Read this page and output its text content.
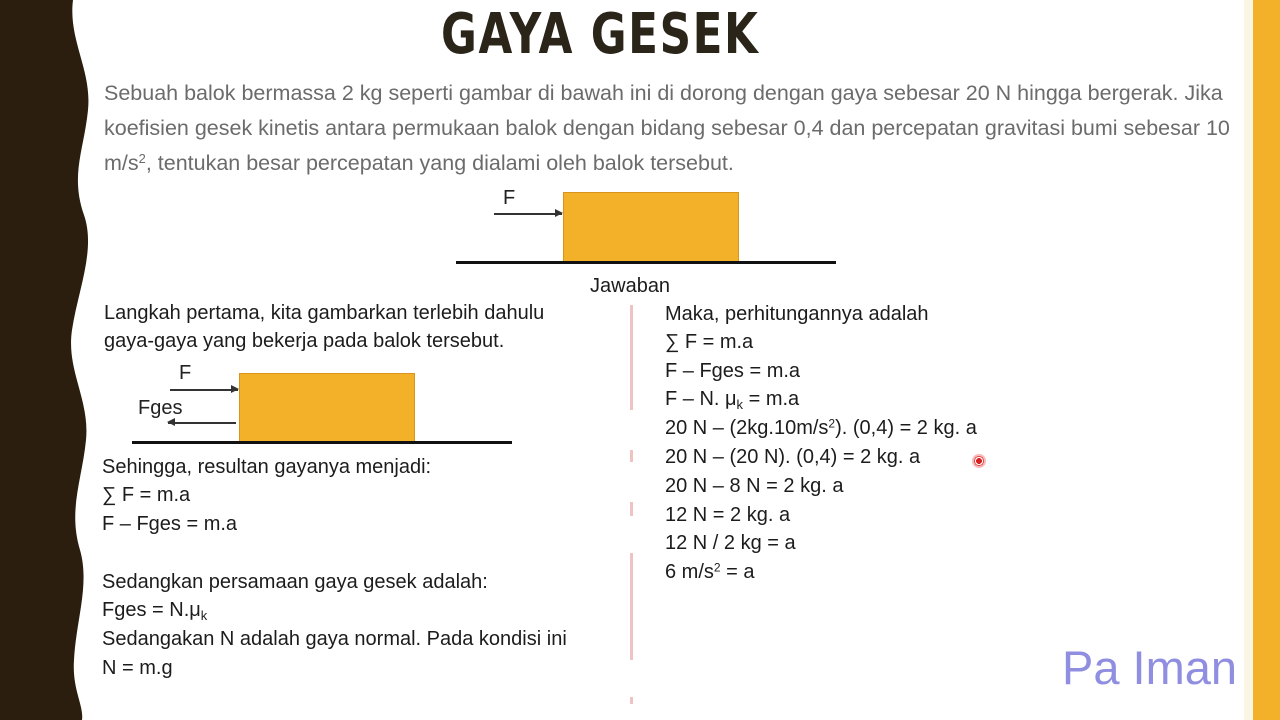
GAYA GESEK
Sebuah balok bermassa 2 kg seperti gambar di bawah ini di dorong dengan gaya sebesar 20 N hingga bergerak. Jika koefisien gesek kinetis antara permukaan balok dengan bidang sebesar 0,4 dan percepatan gravitasi bumi sebesar 10 $m/s^2$, tentukan besar percepatan yang dialami oleh balok tersebut.
F
Jawaban
Langkah pertama, kita gambarkan terlebih dahulu
gaya-gaya yang bekerja pada balok tersebut.
F
Fges
Sehingga, resultan gayanya menjadi:
∑ F = m.a
F – Fges = m.a
Sedangkan persamaan gaya gesek adalah:
Fges = $N.\mu_k$
Sedangakan N adalah gaya normal. Pada kondisi ini
N = m.g
Maka, perhitungannya adalah
∑ F = m.a
F – Fges = m.a
F – N. $\mu_k = m.a$
20 N – $(2kg.10m/s^2)$. (0,4) = 2 kg. a
20 N – (20 N). (0,4) = 2 kg. a
20 N – 8 N = 2 kg. a
12 N = 2 kg. a
12 N / 2 kg = a
6 $m/s^2 = a$
Pa Iman
